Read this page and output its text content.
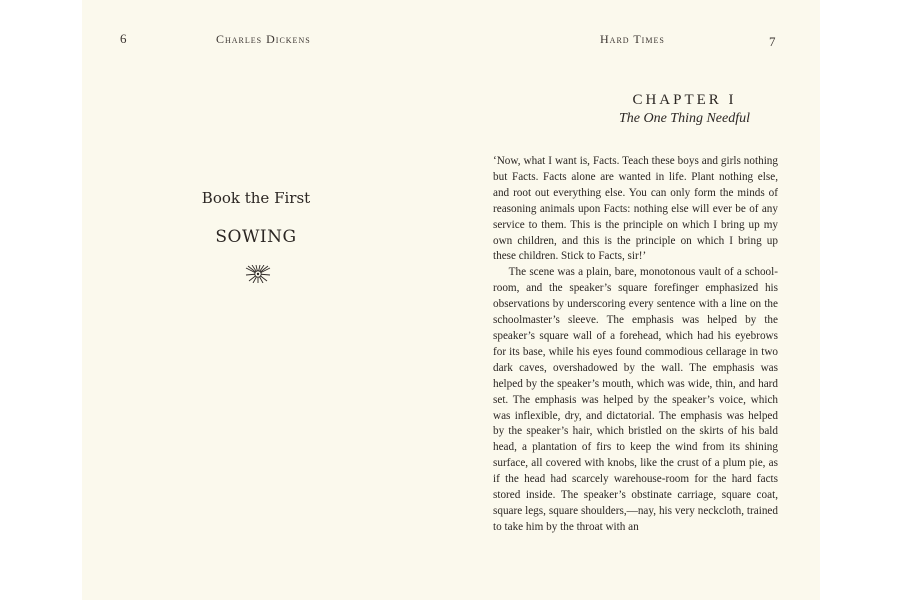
6	Charles Dickens
Book the First
SOWING
Hard Times	7
CHAPTER I
The One Thing Needful

‘Now, what I want is, Facts. Teach these boys and girls nothing but Facts. Facts alone are wanted in life. Plant nothing else, and root out everything else. You can only form the minds of reasoning animals upon Facts: nothing else will ever be of any service to them. This is the principle on which I bring up my own children, and this is the principle on which I bring up these children. Stick to Facts, sir!’

The scene was a plain, bare, monotonous vault of a school-room, and the speaker’s square forefinger emphasized his observations by underscoring every sentence with a line on the schoolmaster’s sleeve. The emphasis was helped by the speaker’s square wall of a forehead, which had his eyebrows for its base, while his eyes found commodious cellarage in two dark caves, overshadowed by the wall. The emphasis was helped by the speaker’s mouth, which was wide, thin, and hard set. The emphasis was helped by the speaker’s voice, which was inflexible, dry, and dictatorial. The emphasis was helped by the speaker’s hair, which bristled on the skirts of his bald head, a plantation of firs to keep the wind from its shining surface, all covered with knobs, like the crust of a plum pie, as if the head had scarcely warehouse-room for the hard facts stored inside. The speaker’s obstinate carriage, square coat, square legs, square shoulders,—nay, his very neckcloth, trained to take him by the throat with an
